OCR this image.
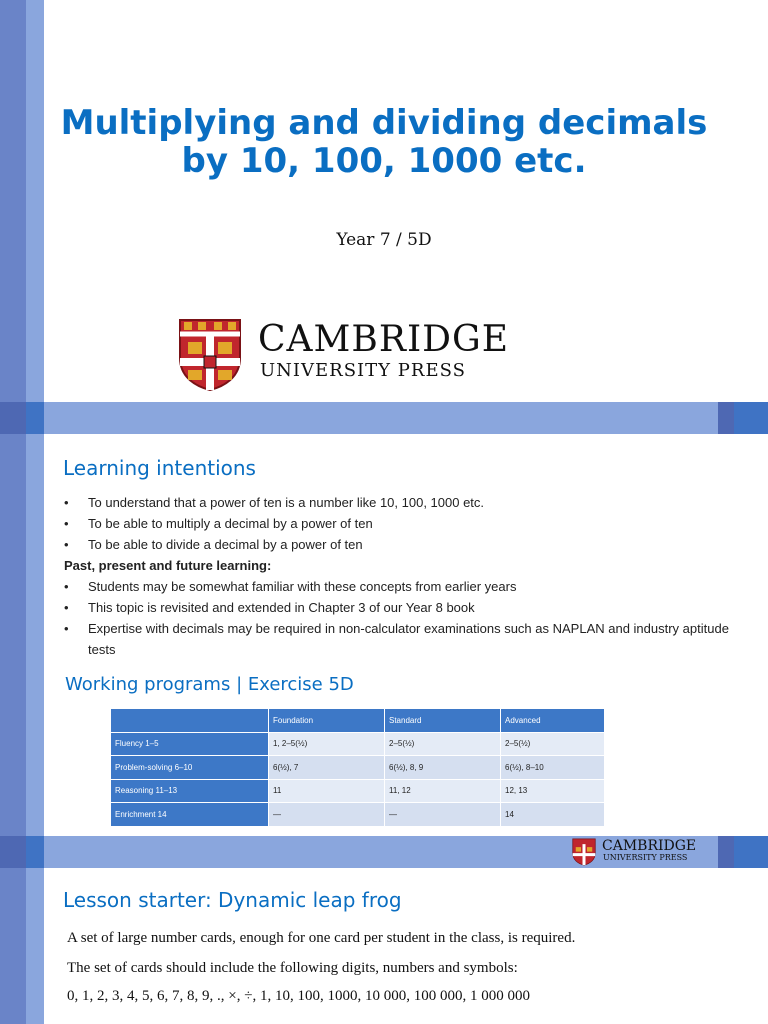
Multiplying and dividing decimals by 10, 100, 1000 etc.
Year 7 / 5D
CAMBRIDGE
UNIVERSITY PRESS
Learning intentions
• To understand that a power of ten is a number like 10, 100, 1000 etc.
• To be able to multiply a decimal by a power of ten
• To be able to divide a decimal by a power of ten
Past, present and future learning:
• Students may be somewhat familiar with these concepts from earlier years
• This topic is revisited and extended in Chapter 3 of our Year 8 book
• Expertise with decimals may be required in non-calculator examinations such as NAPLAN and industry aptitude tests
Working programs | Exercise 5D
	Foundation	Standard	Advanced
Fluency 1–5	1, 2–5(½)	2–5(½)	2–5(½)
Problem-solving 6–10	6(½), 7	6(½), 8, 9	6(½), 8–10
Reasoning 11–13	11	11, 12	12, 13
Enrichment 14	—	—	14
CAMBRIDGE
UNIVERSITY PRESS
Lesson starter: Dynamic leap frog
A set of large number cards, enough for one card per student in the class, is required.
The set of cards should include the following digits, numbers and symbols:
0, 1, 2, 3, 4, 5, 6, 7, 8, 9, ., ×, ÷, 1, 10, 100, 1000, 10 000, 100 000, 1 000 000
